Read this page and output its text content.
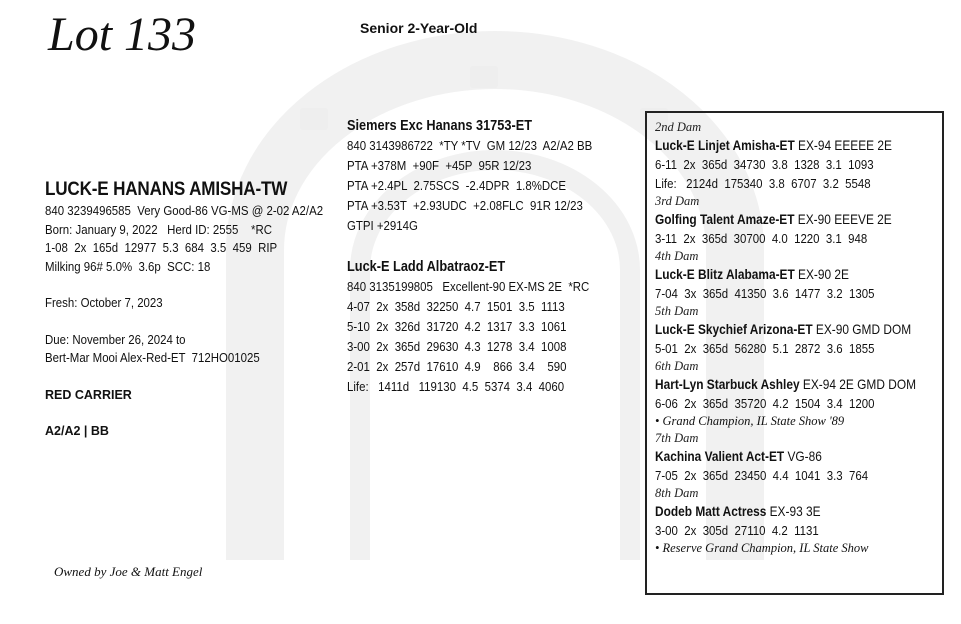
Lot 133	Senior 2-Year-Old
LUCK-E HANANS AMISHA-TW
840 3239496585  Very Good-86 VG-MS @ 2-02 A2/A2
Born: January 9, 2022   Herd ID: 2555    *RC
1-08  2x  165d  12977  5.3  684  3.5  459  RIP
Milking 96# 5.0%  3.6p  SCC: 18
Fresh: October 7, 2023
Due: November 26, 2024 to
Bert-Mar Mooi Alex-Red-ET  712HO01025
RED CARRIER
A2/A2 | BB
Owned by Joe & Matt Engel
Siemers Exc Hanans 31753-ET
840 3143986722  *TY *TV  GM 12/23  A2/A2 BB
PTA +378M  +90F  +45P  95R 12/23
PTA +2.4PL  2.75SCS  -2.4DPR  1.8%DCE
PTA +3.53T  +2.93UDC  +2.08FLC  91R 12/23
GTPI +2914G
Luck-E Ladd Albatraoz-ET
840 3135199805   Excellent-90 EX-MS 2E  *RC
4-07  2x  358d  32250  4.7  1501  3.5  1113
5-10  2x  326d  31720  4.2  1317  3.3  1061
3-00  2x  365d  29630  4.3  1278  3.4  1008
2-01  2x  257d  17610  4.9    866  3.4    590
Life:   1411d   119130  4.5  5374  3.4  4060
2nd Dam
Luck-E Linjet Amisha-ET EX-94 EEEEE 2E
6-11  2x  365d  34730  3.8  1328  3.1  1093
Life:   2124d  175340  3.8  6707  3.2  5548
3rd Dam
Golfing Talent Amaze-ET EX-90 EEEVE 2E
3-11  2x  365d  30700  4.0  1220  3.1  948
4th Dam
Luck-E Blitz Alabama-ET EX-90 2E
7-04  3x  365d  41350  3.6  1477  3.2  1305
5th Dam
Luck-E Skychief Arizona-ET EX-90 GMD DOM
5-01  2x  365d  56280  5.1  2872  3.6  1855
6th Dam
Hart-Lyn Starbuck Ashley EX-94 2E GMD DOM
6-06  2x  365d  35720  4.2  1504  3.4  1200
• Grand Champion, IL State Show '89
7th Dam
Kachina Valient Act-ET VG-86
7-05  2x  365d  23450  4.4  1041  3.3  764
8th Dam
Dodeb Matt Actress EX-93 3E
3-00  2x  305d  27110  4.2  1131
• Reserve Grand Champion, IL State Show
